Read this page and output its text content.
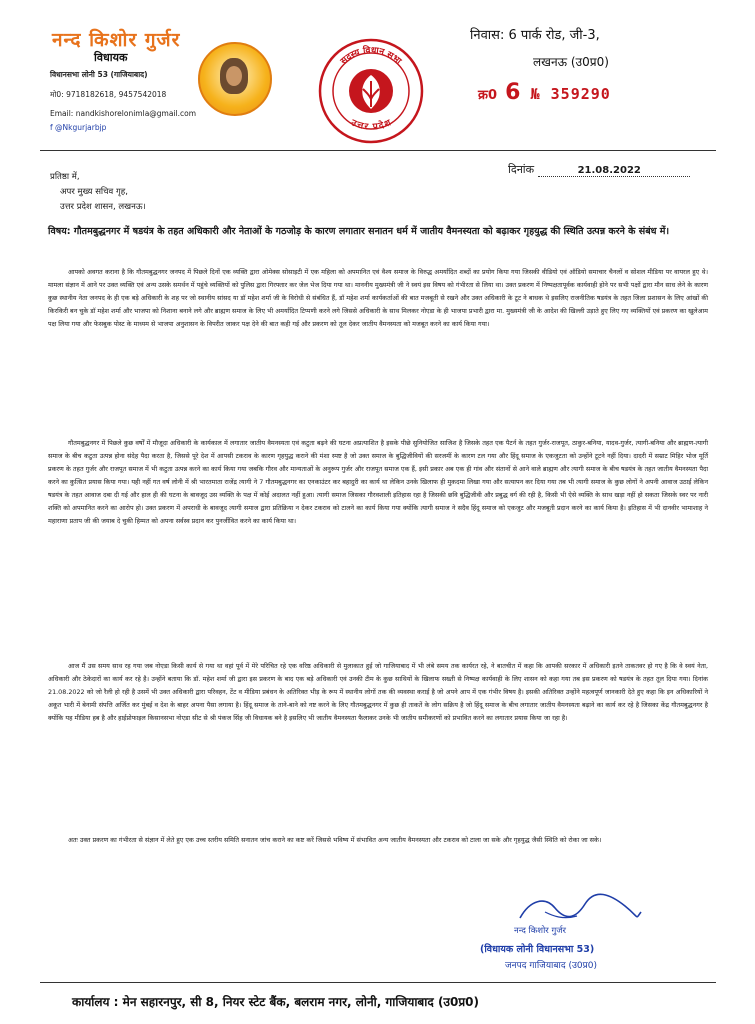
नन्द किशोर गुर्जर
विधायक
विधानसभा लोनी 53 (गाजियाबाद)
मो0: 9718182618, 9457542018
Email: nandkishorelonimla@gmail.com
f @Nkgurjarbjp
सदस्य विधान सभा
उत्तर प्रदेश
निवास: 6 पार्क रोड, जी-3,
लखनऊ (उ0प्र0)
क्र0 6 № 359290
प्रतिष्ठा में,
अपर मुख्य सचिव गृह,
उत्तर प्रदेश शासन, लखनऊ।
दिनांक	21.08.2022
विषय: गौतमबुद्धनगर में षडयंत्र के तहत अधिकारी और नेताओं के गठजोड़ के कारण लगातार सनातन धर्म में जातीय वैमनस्यता को बढ़ाकर गृहयुद्ध की स्थिति उत्पन्न करने के संबंध में।
आपको अवगत कराना है कि गौतमबुद्धनगर जनपद में पिछले दिनों एक व्यक्ति द्वारा ओमेक्स सोसाइटी में एक महिला को अपमानित एवं वैश्य समाज के विरुद्ध अमर्यादित शब्दों का प्रयोग किया गया जिसकी वीडियो एवं ऑडियो समाचार चैनलों व सोशल मीडिया पर वायरल हुए थे। मामला संज्ञान में आने पर उक्त व्यक्ति एवं अन्य उसके समर्थन में पहुंचे व्यक्तियों को पुलिस द्वारा गिरफ्तार कर जेल भेज दिया गया था। माननीय मुख्यमंत्री जी ने स्वयं इस विषय को गंभीरता से लिया था। उक्त प्रकरण में निष्पक्षतापूर्वक कार्यवाही होने पर सभी पक्षों द्वारा मौन साध लेने के कारण कुछ स्थानीय नेता जनपद के ही एक बड़े अधिकारी के शह पर जो स्थानीय सांसद या डॉ महेश शर्मा जी के विरोधी से संबंधित हैं, डॉ महेश शर्मा कार्यकर्ताओं की बात मजबूती से रखने और उक्त अधिकारी के टूट ने बाधक थे इसलिए राजनीतिक षडयंत्र के तहत जिला प्रशासन के लिए आंखों की किरकिरी बन चुके डॉ महेश शर्मा और भाजपा को निशाना बनाने लगे और ब्राह्मण समाज के लिए भी अमर्यादित टिप्पणी करने लगे जिससे अधिकारी के साथ मिलकर नोएडा के ही भाजपा प्रभारी द्वारा मा. मुख्यमंत्री जी के आदेश की खिल्ली उड़ाते हुए लिए गए व्यक्तियों एवं प्रकरण का खुलेआम पक्ष लिया गया और फेसबुक पोस्ट के माध्यम से भाजपा अनुशासन के विपरीत जाकर पक्ष देने की बात कही गई और प्रकरण को तूल देकर जातीय वैमनस्यता को मजबूत करने का कार्य किया गया।
गौतमबुद्धनगर में पिछले कुछ वर्षों में मौजूदा अधिकारी के कार्यकाल में लगातार जातीय वैमनस्यता एवं कटुता बढ़ने की घटना अप्रत्याशित है इसके पीछे सुनियोजित साजिश है जिसके तहत एक पैटर्न के तहत गुर्जर-राजपूत, ठाकुर-बनिया, यादव-गुर्जर, त्यागी-बनिया और ब्राह्मण-त्यागी समाज के बीच कटुता उत्पन्न होना संदेह पैदा करता है, जिससे पूरे देश में आपसी टकराव के कारण गृहयुद्ध कराने की मंशा स्पष्ट है जो उक्त समाज के बुद्धिजीवियों की सरजमीं के कारण टल गया और हिंदू समाज के एकजुटता को उन्होंने टूटने नहीं दिया। दादरी में सम्राट मिहिर भोज मूर्ति प्रकरण के तहत गुर्जर और राजपूत समाज में भी कटुता उत्पन्न करने का कार्य किया गया जबकि गौरव और मान्यताओं के अनुरूप गुर्जर और राजपूत समाज एक हैं, इसी प्रकार अब एक ही गांव और संतानों से आने वाले ब्राह्मण और त्यागी समाज के बीच षडयंत्र के तहत जातीय वैमनस्यता पैदा करने का कुत्सित प्रयास किया गया। यही नहीं गत वर्ष लोनी में श्री भारतमाता राजेंद्र त्यागी ने 7 गौतमबुद्धनगर का एनकाउंटर कर बहादुरी का कार्य था लेकिन उनके खिलाफ ही मुकदमा लिखा गया और सत्यापन कर दिया गया तब भी त्यागी समाज के कुछ लोगों ने अपनी आवाज उठाई लेकिन षडयंत्र के तहत आवाज दबा दी गई और हाल ही की घटना के बावजूद उस व्यक्ति के पक्ष में कोई अदालत नहीं हुआ। त्यागी समाज जिसका गौरवशाली इतिहास रहा है जिसकी छवि बुद्धिजीवी और प्रबुद्ध वर्ग की रही है, किसी भी ऐसे व्यक्ति के साथ खड़ा नहीं हो सकता जिसके स्वर पर नारी शक्ति को अपमानित करने का आरोप हो। उक्त प्रकरण में अपराधी के बावजूद त्यागी समाज द्वारा प्रतिक्रिया न देकर टकराव को टालने का कार्य किया गया क्योंकि त्यागी समाज ने सदैव हिंदू समाज को एकजुट और मजबूती प्रदान करने का कार्य किया है। इतिहास में भी दानवीर भामाशाह ने महाराणा प्रताप जी की जयाब दे चुकी हिम्मत को अपना सर्वस्व प्रदान कर पुनर्जीवित करने का कार्य किया था।
आज मैं उस समय साथ रह गया जब नोएडा किसी कार्य से गया था वहां पूर्व में मेरे परिचित रहे एक वरिष्ठ अधिकारी से मुलाकात हुई जो गाजियाबाद में भी लंबे समय तक कार्यरत रहे, ने बातचीत में कहा कि आपकी सरकार में अधिकारी इतने ताकतवर हो गए है कि वे स्वयं नेता, अधिकारी और ठेकेदारों का कार्य कर रहे है। उन्होंने बताया कि डॉ. महेश शर्मा जी द्वारा इस प्रकरण के बाद एक बड़े अधिकारी एवं उनकी टीम के कुछ साथियों के खिलाफ सख्ती से निष्पक्ष कार्यवाही के लिए शासन को कहा गया तब इस प्रकरण को षडयंत्र के तहत तूल दिया गया। दिनांक 21.08.2022 को जो रैली हो रही है उसमें भी उक्त अधिकारी द्वारा परिवहन, टेंट व मीडिया प्रबंधन के अतिरिक्त भीड़ के रूप में स्थानीय लोगों तक की व्यवस्था कराई है जो अपने आप में एक गंभीर विषय है। इसकी अतिरिक्त उन्होंने महत्वपूर्ण जानकारी देते हुए कहा कि इन अधिकारियों ने अकूत भारी में बेनामी संपत्ति अर्जित कर मुंबई व देश के बाहर अपना पैसा लगाया है। हिंदू समाज के ताने-बाने को नष्ट करने के लिए गौतमबुद्धनगर में कुछ ही ताकतें के लोग सक्रिय है जो हिंदू समाज के बीच लगातार जातीय वैमनस्यता बढ़ाने का कार्य कर रहे है जिसका केंद्र गौतमबुद्धनगर है क्योंकि यह मीडिया हब है और हाईप्रोफाइल किसानसभा नोएडा सीट से श्री पंकज सिंह जी विधायक बने है इसलिए भी जातीय वैमनस्यता फैलाकर उनके भी जातीय समीकरणों को प्रभावित करने का लगातार प्रयास किया जा रहा है।
अतः उक्त प्रकरण का गंभीरता से संज्ञान में लेते हुए एक उच्च स्तरीय समिति सनातन जांच कराने का कष्ट करें जिससे भविष्य में संभावित अन्य जातीय वैमनस्यता और टकराव को टाला जा सके और गृहयुद्ध जैसी स्थिति को रोका जा सके।
नन्द किशोर गुर्जर
(विधायक लोनी विधानसभा 53)
जनपद गाजियाबाद (उ0प्र0)
कार्यालय : मेन सहारनपुर, सी 8, नियर स्टेट बैंक, बलराम नगर, लोनी, गाजियाबाद (उ0प्र0)
